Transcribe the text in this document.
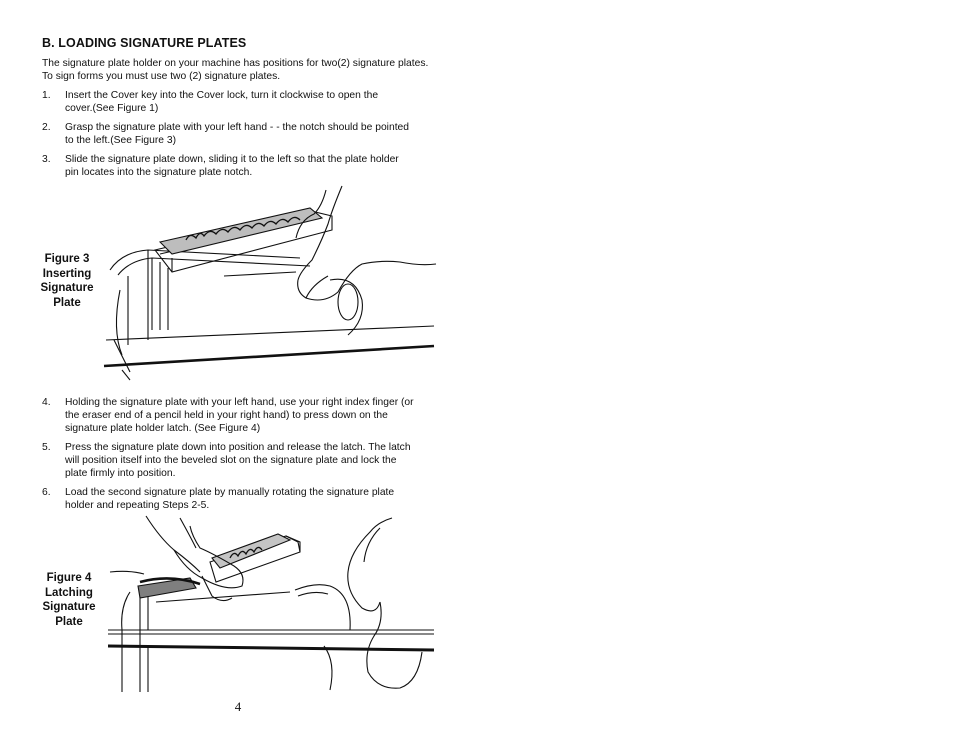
B. LOADING SIGNATURE PLATES
The signature plate holder on your machine has positions for two(2) signature plates.
To sign forms you must use two (2) signature plates.
1. Insert the Cover key into the Cover lock, turn it clockwise to open the
cover.(See Figure 1)
2. Grasp the signature plate with your left hand - - the notch should be pointed
to the left.(See Figure 3)
3. Slide the signature plate down, sliding it to the left so that the plate holder
pin locates into the signature plate notch.
Figure 3
Inserting
Signature
Plate
4. Holding the signature plate with your left hand, use your right index finger (or
the eraser end of a pencil held in your right hand) to press down on the
signature plate holder latch. (See Figure 4)
5. Press the signature plate down into position and release the latch. The latch
will position itself into the beveled slot on the signature plate and lock the
plate firmly into position.
6. Load the second signature plate by manually rotating the signature plate
holder and repeating Steps 2-5.
Figure 4
Latching
Signature
Plate
4
